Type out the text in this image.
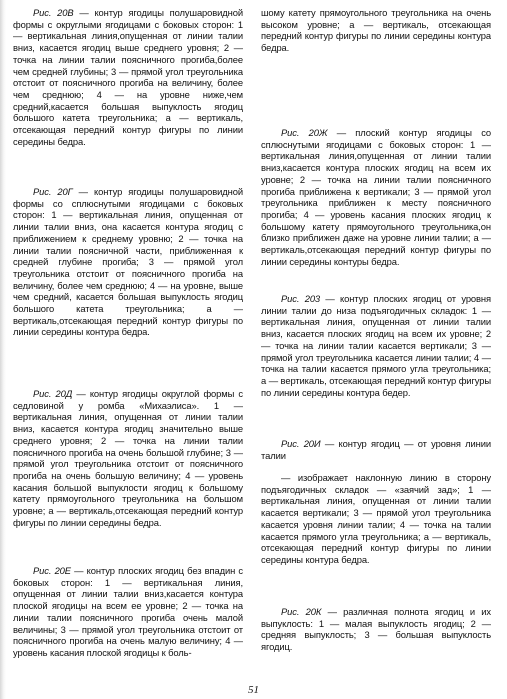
Рис. 20В — контур ягодицы полушаровидной формы с округлыми ягодицами с боковых сторон: 1 — вертикальная линия,опущенная от линии талии вниз, касается ягодиц выше среднего уровня; 2 — точка на линии талии поясничного прогиба,более чем средней глубины; 3 — прямой угол треугольника отстоит от поясничного прогиба на величину, более чем среднюю; 4 — на уровне ниже,чем средний,касается большая выпуклость ягодиц большого катета треугольника; а — вертикаль, отсекающая передний контур фигуры по линии середины бедра.

Рис. 20Г — контур ягодицы полушаровидной формы со сплюснутыми ягодицами с боковых сторон: 1 — вертикальная линия, опущенная от линии талии вниз, она касается контура ягодиц с приближением к среднему уровню; 2 — точка на линии талии поясничной части, приближенная к средней глубине прогиба; 3 — прямой угол треугольника отстоит от поясничного прогиба на величину, более чем среднюю; 4 — на уровне, выше чем средний, касается большая выпуклость ягодиц большого катета треугольника; а — вертикаль,отсекающая передний контур фигуры по линии середины контура бедра.

Рис. 20Д — контур ягодицы округлой формы с седловиной у ромба «Михаэлиса». 1 — вертикальная линия, опущенная от линии талии вниз, касается контура ягодиц значительно выше среднего уровня; 2 — точка на линии талии поясничного прогиба на очень большой глубине; 3 — прямой угол треугольника отстоит от поясничного прогиба на очень большую величину; 4 — уровень касания большой выпуклости ягодиц к большому катету прямоугольного треугольника на большом уровне; а — вертикаль,отсекающая передний контур фигуры по линии середины бедра.

Рис. 20Е — контур плоских ягодиц без впадин с боковых сторон: 1 — вертикальная линия, опущенная от линии талии вниз,касается контура плоской ягодицы на всем ее уровне; 2 — точка на линии талии поясничного прогиба очень малой величины; 3 — прямой угол треугольника отстоит от поясничного прогиба на очень малую величину; 4 — уровень касания плоской ягодицы к боль-

шому катету прямоугольного треугольника на очень высоком уровне; а — вертикаль, отсекающая передний контур фигуры по линии середины контура бедра.

Рис. 20Ж — плоский контур ягодицы со сплюснутыми ягодицами с боковых сторон: 1 — вертикальная линия,опущенная от линии талии вниз,касается контура плоских ягодиц на всем их уровне; 2 — точка на линии талии поясничного прогиба приближена к вертикали; 3 — прямой угол треугольника приближен к месту поясничного прогиба; 4 — уровень касания плоских ягодиц к большому катету прямоугольного треугольника,он близко приближен даже на уровне линии талии; а — вертикаль,отсекающая передний контур фигуры по линии середины контуры бедра.

Рис. 203 — контур плоских ягодиц от уровня линии талии до низа подъягодичных складок: 1 — вертикальная линия, опущенная от линии талии вниз, касается плоских ягодиц на всем их уровне; 2 — точка на линии талии касается вертикали; 3 — прямой угол треугольника касается линии талии; 4 — точка на талии касается прямого угла треугольника; а — вертикаль, отсекающая передний контур фигуры по линии середины контура бедер.

Рис. 20И — контур ягодиц — от уровня линии талии

— изображает наклонную линию в сторону подъягодичных складок — «заячий зад»; 1 — вертикальная линия, опущенная от линии талии касается вертикали; 3 — прямой угол треугольника касается уровня линии талии; 4 — точка на талии касается прямого угла треугольника; а — вертикаль, отсекающая передний контур фигуры по линии середины контура бедра.

Рис. 20К — различная полнота ягодиц и их выпуклость: 1 — малая выпуклость ягодиц; 2 — средняя выпуклость; 3 — большая выпуклость ягодиц.

51
